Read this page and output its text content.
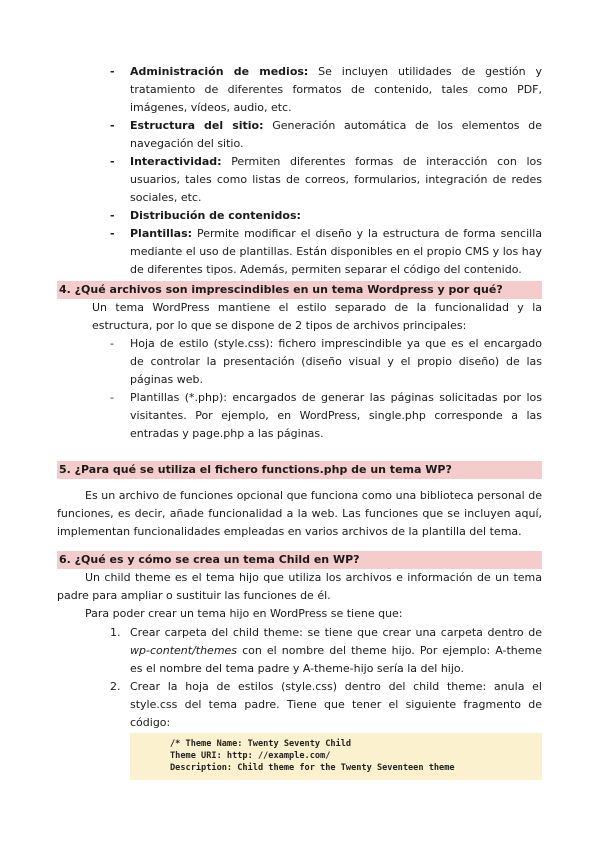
- Administración de medios: Se incluyen utilidades de gestión y tratamiento de diferentes formatos de contenido, tales como PDF, imágenes, vídeos, audio, etc.
- Estructura del sitio: Generación automática de los elementos de navegación del sitio.
- Interactividad: Permiten diferentes formas de interacción con los usuarios, tales como listas de correos, formularios, integración de redes sociales, etc.
- Distribución de contenidos:
- Plantillas: Permite modificar el diseño y la estructura de forma sencilla mediante el uso de plantillas. Están disponibles en el propio CMS y los hay de diferentes tipos. Además, permiten separar el código del contenido.
4. ¿Qué archivos son imprescindibles en un tema Wordpress y por qué?
Un tema WordPress mantiene el estilo separado de la funcionalidad y la estructura, por lo que se dispone de 2 tipos de archivos principales:
- Hoja de estilo (style.css): fichero imprescindible ya que es el encargado de controlar la presentación (diseño visual y el propio diseño) de las páginas web.
- Plantillas (*.php): encargados de generar las páginas solicitadas por los visitantes. Por ejemplo, en WordPress, single.php corresponde a las entradas y page.php a las páginas.
5. ¿Para qué se utiliza el fichero functions.php de un tema WP?
Es un archivo de funciones opcional que funciona como una biblioteca personal de funciones, es decir, añade funcionalidad a la web. Las funciones que se incluyen aquí, implementan funcionalidades empleadas en varios archivos de la plantilla del tema.
6. ¿Qué es y cómo se crea un tema Child en WP?
Un child theme es el tema hijo que utiliza los archivos e información de un tema padre para ampliar o sustituir las funciones de él.
Para poder crear un tema hijo en WordPress se tiene que:
1. Crear carpeta del child theme: se tiene que crear una carpeta dentro de wp-content/themes con el nombre del theme hijo. Por ejemplo: A-theme es el nombre del tema padre y A-theme-hijo sería la del hijo.
2. Crear la hoja de estilos (style.css) dentro del child theme: anula el style.css del tema padre. Tiene que tener el siguiente fragmento de código:
/* Theme Name: Twenty Seventy Child
Theme URI: http: //example.com/
Description: Child theme for the Twenty Seventeen theme
